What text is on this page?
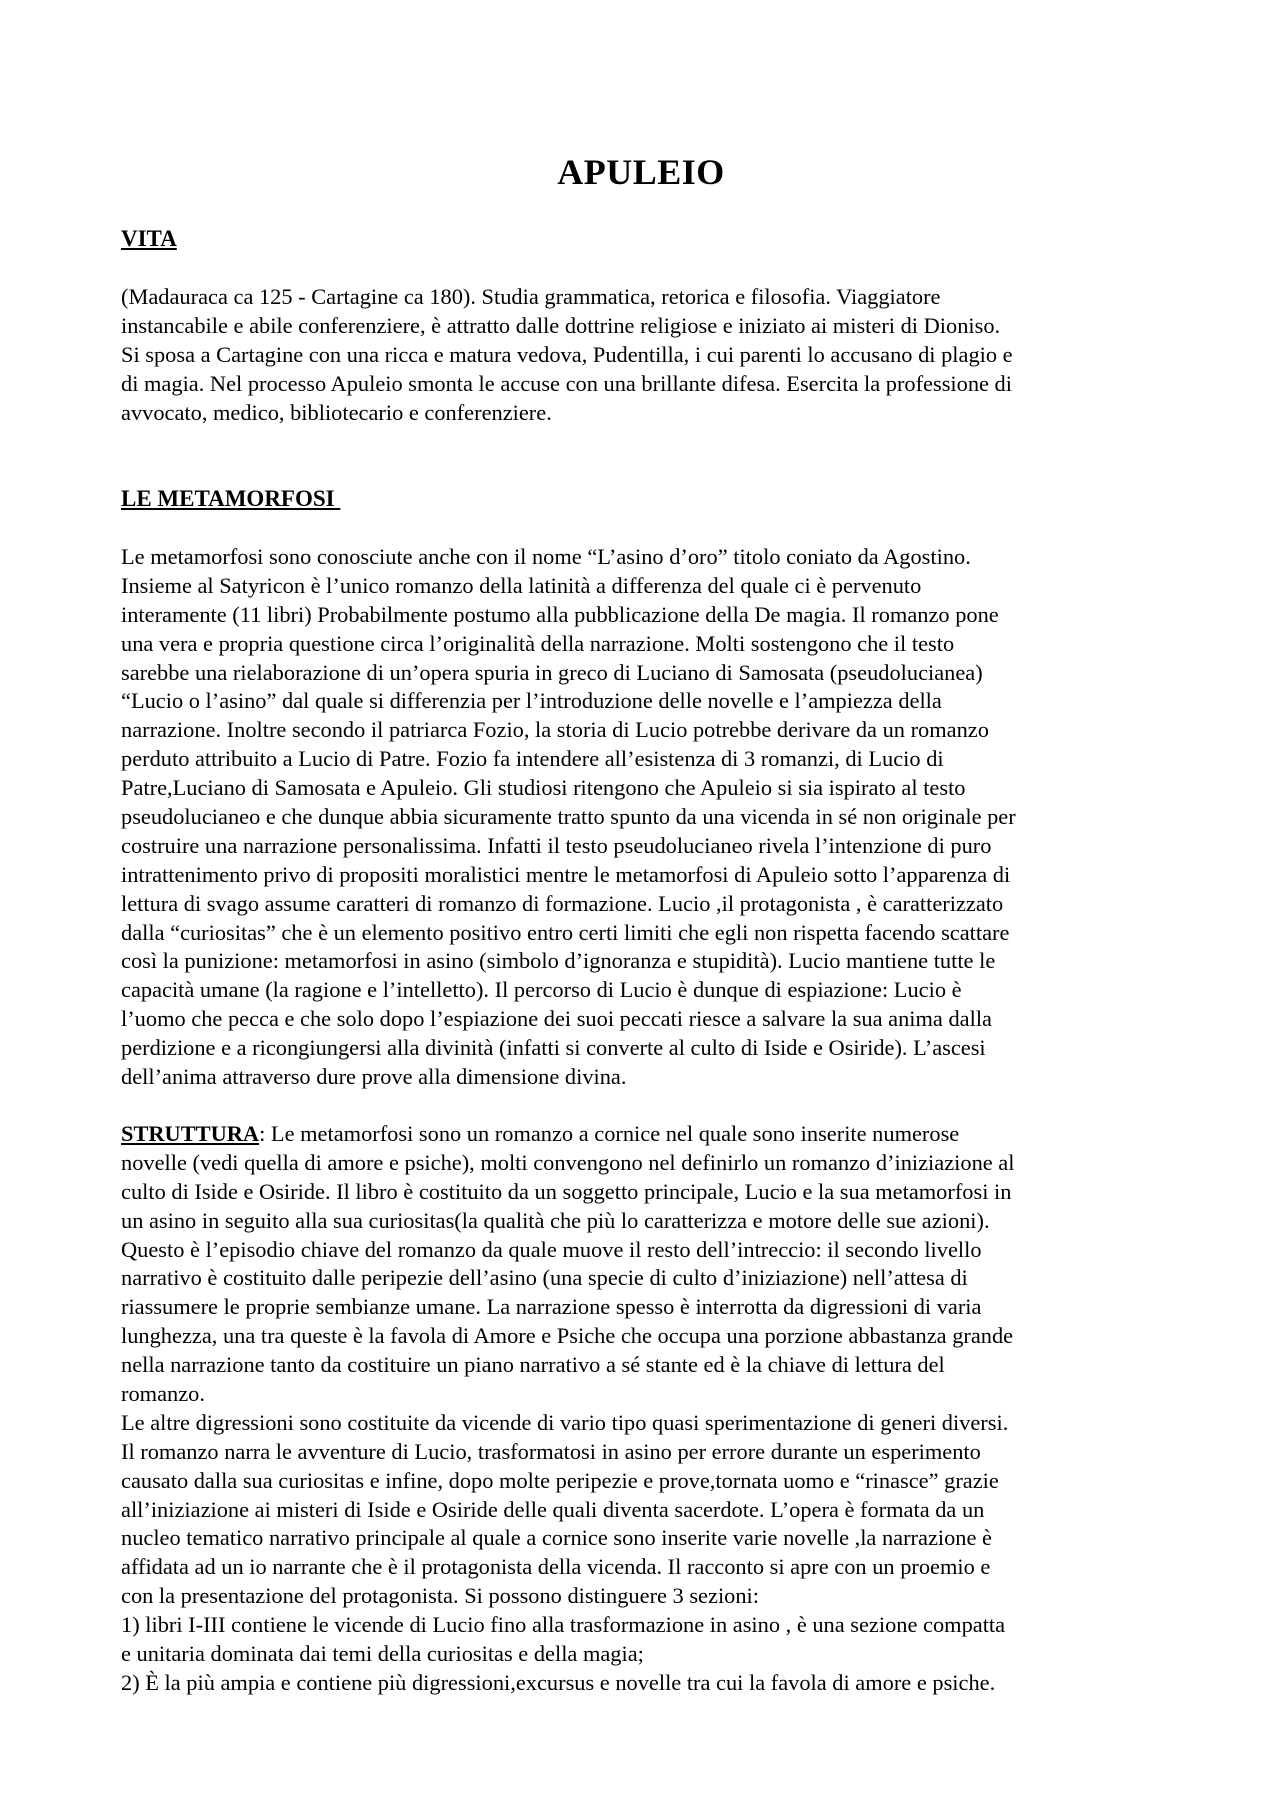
APULEIO
VITA
(Madauraca ca 125 - Cartagine ca 180). Studia grammatica, retorica e filosofia. Viaggiatore
instancabile e abile conferenziere, è attratto dalle dottrine religiose e iniziato ai misteri di Dioniso.
Si sposa a Cartagine con una ricca e matura vedova, Pudentilla, i cui parenti lo accusano di plagio e
di magia. Nel processo Apuleio smonta le accuse con una brillante difesa. Esercita la professione di
avvocato, medico, bibliotecario e conferenziere.
LE METAMORFOSI
Le metamorfosi sono conosciute anche con il nome “L’asino d’oro” titolo coniato da Agostino.
Insieme al Satyricon è l’unico romanzo della latinità a differenza del quale ci è pervenuto
interamente (11 libri) Probabilmente postumo alla pubblicazione della De magia. Il romanzo pone
una vera e propria questione circa l’originalità della narrazione. Molti sostengono che il testo
sarebbe una rielaborazione di un’opera spuria in greco di Luciano di Samosata (pseudolucianea)
“Lucio o l’asino” dal quale si differenzia per l’introduzione delle novelle e l’ampiezza della
narrazione. Inoltre secondo il patriarca Fozio, la storia di Lucio potrebbe derivare da un romanzo
perduto attribuito a Lucio di Patre. Fozio fa intendere all’esistenza di 3 romanzi, di Lucio di
Patre,Luciano di Samosata e Apuleio. Gli studiosi ritengono che Apuleio si sia ispirato al testo
pseudolucianeo e che dunque abbia sicuramente tratto spunto da una vicenda in sé non originale per
costruire una narrazione personalissima. Infatti il testo pseudolucianeo rivela l’intenzione di puro
intrattenimento privo di propositi moralistici mentre le metamorfosi di Apuleio sotto l’apparenza di
lettura di svago assume caratteri di romanzo di formazione. Lucio ,il protagonista , è caratterizzato
dalla “curiositas” che è un elemento positivo entro certi limiti che egli non rispetta facendo scattare
così la punizione: metamorfosi in asino (simbolo d’ignoranza e stupidità). Lucio mantiene tutte le
capacità umane (la ragione e l’intelletto). Il percorso di Lucio è dunque di espiazione: Lucio è
l’uomo che pecca e che solo dopo l’espiazione dei suoi peccati riesce a salvare la sua anima dalla
perdizione e a ricongiungersi alla divinità (infatti si converte al culto di Iside e Osiride). L’ascesi
dell’anima attraverso dure prove alla dimensione divina.
STRUTTURA: Le metamorfosi sono un romanzo a cornice nel quale sono inserite numerose
novelle (vedi quella di amore e psiche), molti convengono nel definirlo un romanzo d’iniziazione al
culto di Iside e Osiride. Il libro è costituito da un soggetto principale, Lucio e la sua metamorfosi in
un asino in seguito alla sua curiositas(la qualità che più lo caratterizza e motore delle sue azioni).
Questo è l’episodio chiave del romanzo da quale muove il resto dell’intreccio: il secondo livello
narrativo è costituito dalle peripezie dell’asino (una specie di culto d’iniziazione) nell’attesa di
riassumere le proprie sembianze umane. La narrazione spesso è interrotta da digressioni di varia
lunghezza, una tra queste è la favola di Amore e Psiche che occupa una porzione abbastanza grande
nella narrazione tanto da costituire un piano narrativo a sé stante ed è la chiave di lettura del
romanzo.
Le altre digressioni sono costituite da vicende di vario tipo quasi sperimentazione di generi diversi.
Il romanzo narra le avventure di Lucio, trasformatosi in asino per errore durante un esperimento
causato dalla sua curiositas e infine, dopo molte peripezie e prove,tornata uomo e “rinasce” grazie
all’iniziazione ai misteri di Iside e Osiride delle quali diventa sacerdote. L’opera è formata da un
nucleo tematico narrativo principale al quale a cornice sono inserite varie novelle ,la narrazione è
affidata ad un io narrante che è il protagonista della vicenda. Il racconto si apre con un proemio e
con la presentazione del protagonista. Si possono distinguere 3 sezioni:
1) libri I-III contiene le vicende di Lucio fino alla trasformazione in asino , è una sezione compatta
e unitaria dominata dai temi della curiositas e della magia;
2) È la più ampia e contiene più digressioni,excursus e novelle tra cui la favola di amore e psiche.
